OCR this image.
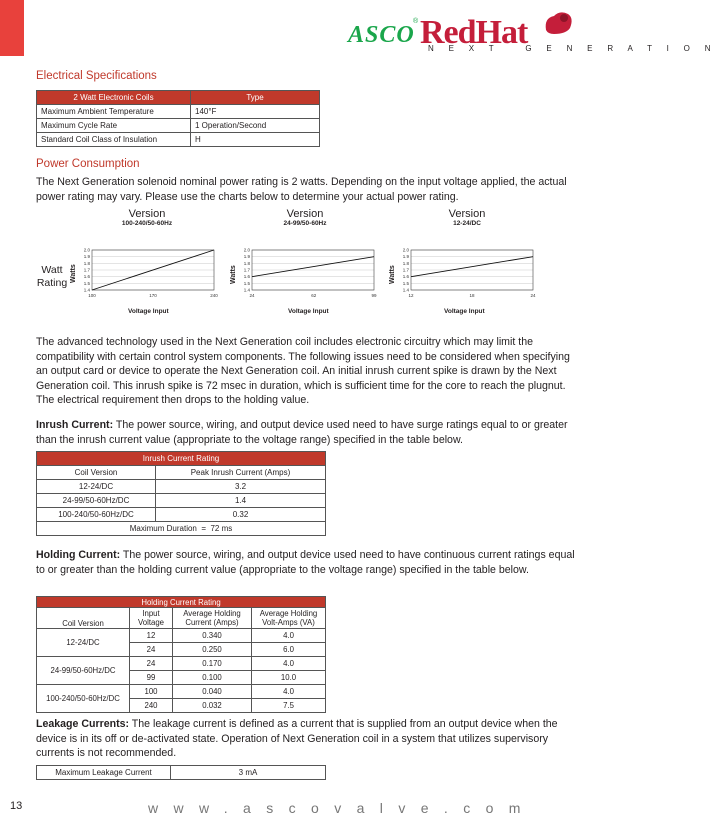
ASCO
® RedHat
N E X T   G E N E R A T I O N
Electrical Specifications
2 Watt Electronic Coils	Type
Maximum Ambient Temperature	140°F
Maximum Cycle Rate	1 Operation/Second
Standard Coil Class of Insulation	H
Power Consumption
The Next Generation solenoid nominal power rating is 2 watts. Depending on the input voltage applied, the actual power rating may vary. Please use the charts below to determine your actual power rating.
Watt Rating
Version
100-240/50-60Hz
Watts
2.0
1.9
1.8
1.7
1.6
1.5
1.4
100	170	240
Voltage Input
Version
24-99/50-60Hz
Watts
2.0
1.9
1.8
1.7
1.6
1.5
1.4
24	62	99
Voltage Input
Version
12-24/DC
Watts
2.0
1.9
1.8
1.7
1.6
1.5
1.4
12	18	24
Voltage Input
The advanced technology used in the Next Generation coil includes electronic circuitry which may limit the compatibility with certain control system components. The following issues need to be considered when specifying an output card or device to operate the Next Generation coil. An initial inrush current spike is drawn by the Next Generation coil. This inrush spike is 72 msec in duration, which is sufficient time for the core to reach the plugnut. The electrical requirement then drops to the holding value.
Inrush Current: The power source, wiring, and output device used need to have surge ratings equal to or greater than the inrush current value (appropriate to the voltage range) specified in the table below.
Inrush Current Rating	
Coil Version	Peak Inrush Current (Amps)
12-24/DC	3.2
24-99/50-60Hz/DC	1.4
100-240/50-60Hz/DC	0.32
Maximum Duration  =  72 ms	
Holding Current: The power source, wiring, and output device used need to have continuous current ratings equal to or greater than the holding current value (appropriate to the voltage range) specified in the table below.
Holding Current Rating			
Coil Version	Input Voltage	Average Holding Current (Amps)	Average Holding Volt-Amps (VA)
12-24/DC	12	0.340	4.0
	24	0.250	6.0
24-99/50-60Hz/DC	24	0.170	4.0
	99	0.100	10.0
100-240/50-60Hz/DC	100	0.040	4.0
	240	0.032	7.5
Leakage Currents: The leakage current is defined as a current that is supplied from an output device when the device is in its off or de-activated state. Operation of Next Generation coil in a system that utilizes supervisory currents is not recommended.
Maximum Leakage Current	3 mA
13	www.ascovalve.com
